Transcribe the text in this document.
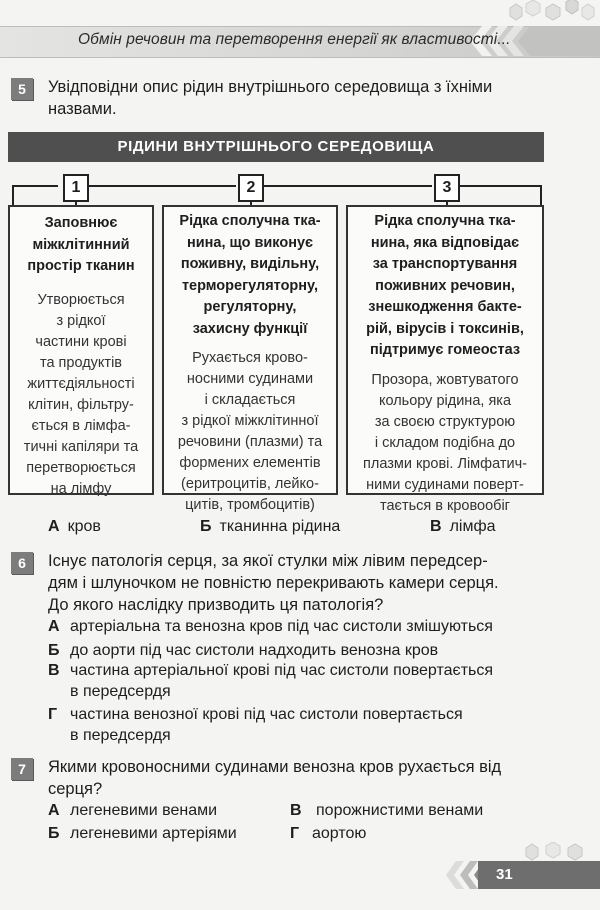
Обмін речовин та перетворення енергії як властивості...
5	Увідповідни опис рідин внутрішнього середовища з їхніми
назвами.
РІДИНИ ВНУТРІШНЬОГО СЕРЕДОВИЩА
1	2	3
Заповнює
міжклітинний
простір тканин
Утворюється
з рідкої
частини крові
та продуктів
життєдіяльності
клітин, фільтру-
ється в лімфа-
тичні капіляри та
перетворюється
на лімфу
Рідка сполучна тка-
нина, що виконує
поживну, видільну,
терморегуляторну,
регуляторну,
захисну функції
Рухається крово-
носними судинами
і складається
з рідкої міжклітинної
речовини (плазми) та
формених елементів
(еритроцитів, лейко-
цитів, тромбоцитів)
Рідка сполучна тка-
нина, яка відповідає
за транспортування
поживних речовин,
знешкодження бакте-
рій, вірусів і токсинів,
підтримує гомеостаз
Прозора, жовтуватого
кольору рідина, яка
за своєю структурою
і складом подібна до
плазми крові. Лімфатич-
ними судинами поверт-
тається в кровообіг
А кров	Б тканинна рідина	В лімфа
6	Існує патологія серця, за якої стулки між лівим передсер-
дям і шлуночком не повністю перекривають камери серця.
До якого наслідку призводить ця патологія?
А артеріальна та венозна кров під час систоли змішуються
Б до аорти під час систоли надходить венозна кров
В частина артеріальної крові під час систоли повертається
в передсердя
Г частина венозної крові під час систоли повертається
в передсердя
7	Якими кровоносними судинами венозна кров рухається від
серця?
А легеневими венами	В порожнистими венами
Б легеневими артеріями	Г аортою
31
